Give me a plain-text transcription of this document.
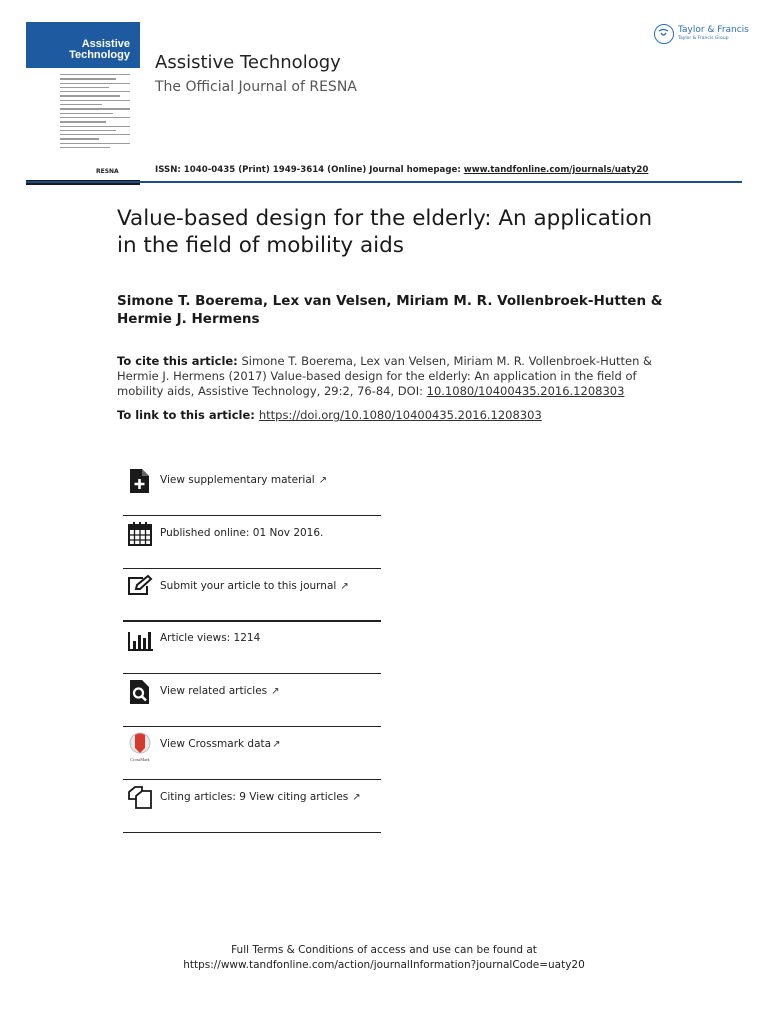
Assistive Technology
RESNA
Assistive Technology
The Official Journal of RESNA
ISSN: 1040-0435 (Print) 1949-3614 (Online) Journal homepage: www.tandfonline.com/journals/uaty20
Taylor & Francis
Taylor & Francis Group
Value-based design for the elderly: An application
in the field of mobility aids
Simone T. Boerema, Lex van Velsen, Miriam M. R. Vollenbroek-Hutten &
Hermie J. Hermens
To cite this article: Simone T. Boerema, Lex van Velsen, Miriam M. R. Vollenbroek-Hutten &
Hermie J. Hermens (2017) Value-based design for the elderly: An application in the field of
mobility aids, Assistive Technology, 29:2, 76-84, DOI: 10.1080/10400435.2016.1208303
To link to this article: https://doi.org/10.1080/10400435.2016.1208303
View supplementary material ↗
Published online: 01 Nov 2016.
Submit your article to this journal ↗
Article views: 1214
View related articles ↗
CrossMark
View Crossmark data↗
Citing articles: 9 View citing articles ↗
Full Terms & Conditions of access and use can be found at
https://www.tandfonline.com/action/journalInformation?journalCode=uaty20
